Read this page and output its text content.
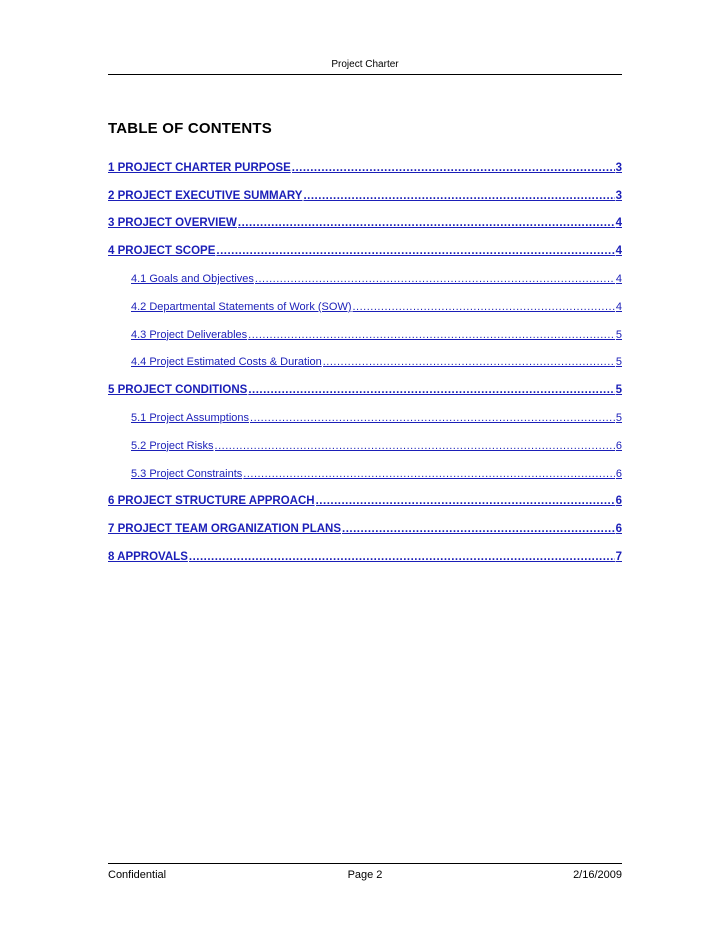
Project Charter
TABLE OF CONTENTS
1 PROJECT CHARTER PURPOSE .....	3
2 PROJECT EXECUTIVE SUMMARY .....	3
3 PROJECT OVERVIEW .....	4
4 PROJECT SCOPE .....	4
4.1 Goals and Objectives .....	4
4.2 Departmental Statements of Work (SOW) .....	4
4.3 Project Deliverables .....	5
4.4 Project Estimated Costs & Duration .....	5
5 PROJECT CONDITIONS .....	5
5.1 Project Assumptions .....	5
5.2 Project Risks .....	6
5.3 Project Constraints .....	6
6 PROJECT STRUCTURE APPROACH .....	6
7 PROJECT TEAM ORGANIZATION PLANS .....	6
8 APPROVALS .....	7
Confidential	Page 2	2/16/2009
